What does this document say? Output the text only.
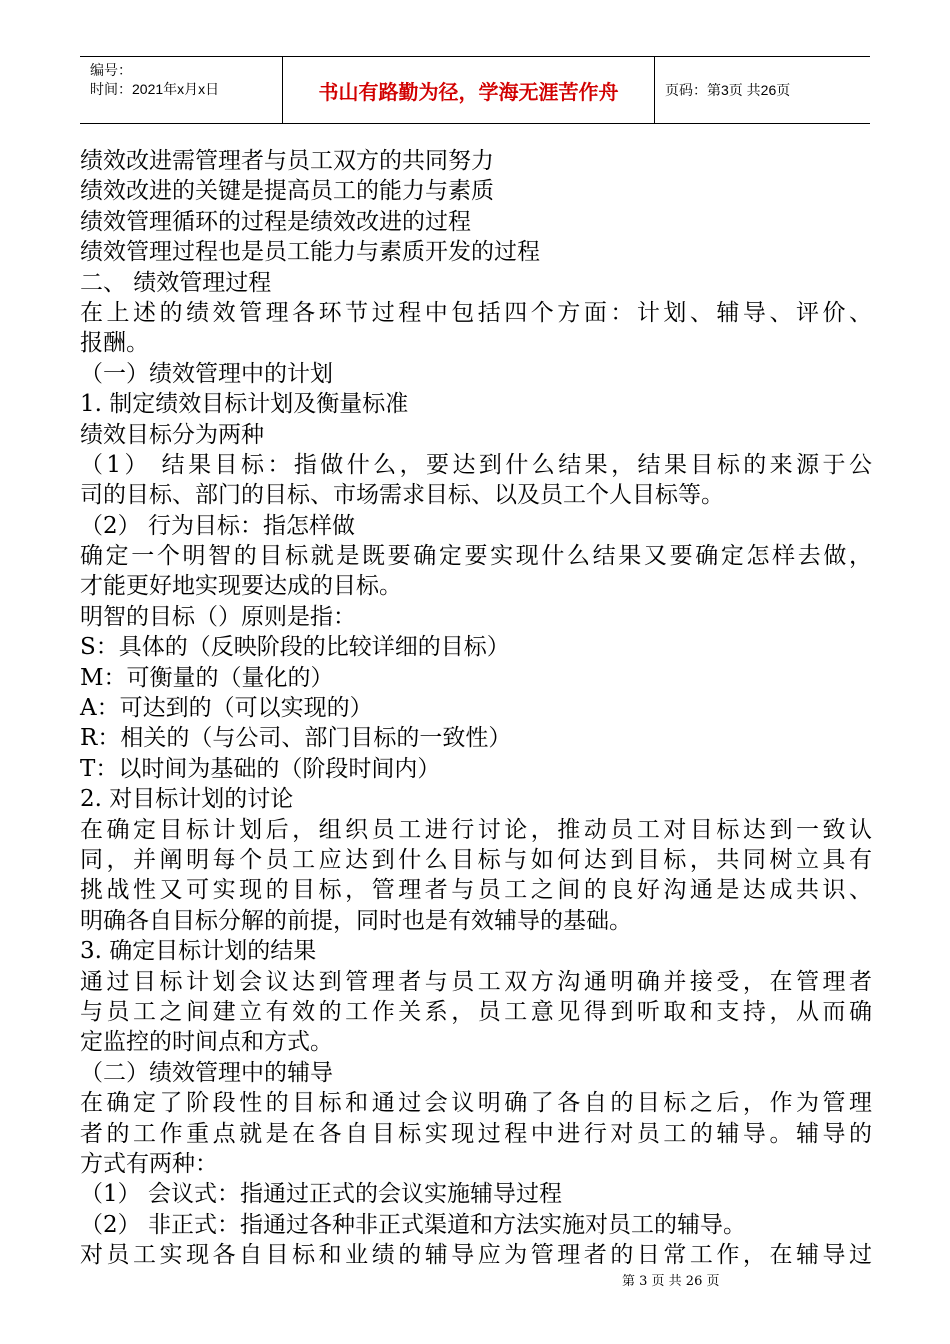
编号：
时间：2021年x月x日	书山有路勤为径，学海无涯苦作舟	页码：第3页 共26页
绩效改进需管理者与员工双方的共同努力
绩效改进的关键是提高员工的能力与素质
绩效管理循环的过程是绩效改进的过程
绩效管理过程也是员工能力与素质开发的过程
二、 绩效管理过程
在上述的绩效管理各环节过程中包括四个方面：计划、辅导、评价、
报酬。
（一）绩效管理中的计划
1. 制定绩效目标计划及衡量标准
绩效目标分为两种
（1） 结果目标：指做什么，要达到什么结果，结果目标的来源于公
司的目标、部门的目标、市场需求目标、以及员工个人目标等。
（2） 行为目标：指怎样做
确定一个明智的目标就是既要确定要实现什么结果又要确定怎样去做，
才能更好地实现要达成的目标。
明智的目标（）原则是指：
S：具体的（反映阶段的比较详细的目标）
M：可衡量的（量化的）
A：可达到的（可以实现的）
R：相关的（与公司、部门目标的一致性）
T：以时间为基础的（阶段时间内）
2. 对目标计划的讨论
在确定目标计划后，组织员工进行讨论，推动员工对目标达到一致认
同，并阐明每个员工应达到什么目标与如何达到目标，共同树立具有
挑战性又可实现的目标，管理者与员工之间的良好沟通是达成共识、
明确各自目标分解的前提，同时也是有效辅导的基础。
3. 确定目标计划的结果
通过目标计划会议达到管理者与员工双方沟通明确并接受，在管理者
与员工之间建立有效的工作关系，员工意见得到听取和支持，从而确
定监控的时间点和方式。
（二）绩效管理中的辅导
在确定了阶段性的目标和通过会议明确了各自的目标之后，作为管理
者的工作重点就是在各自目标实现过程中进行对员工的辅导。辅导的
方式有两种：
（1） 会议式：指通过正式的会议实施辅导过程
（2） 非正式：指通过各种非正式渠道和方法实施对员工的辅导。
对员工实现各自目标和业绩的辅导应为管理者的日常工作，在辅导过
第 3 页 共 26 页
